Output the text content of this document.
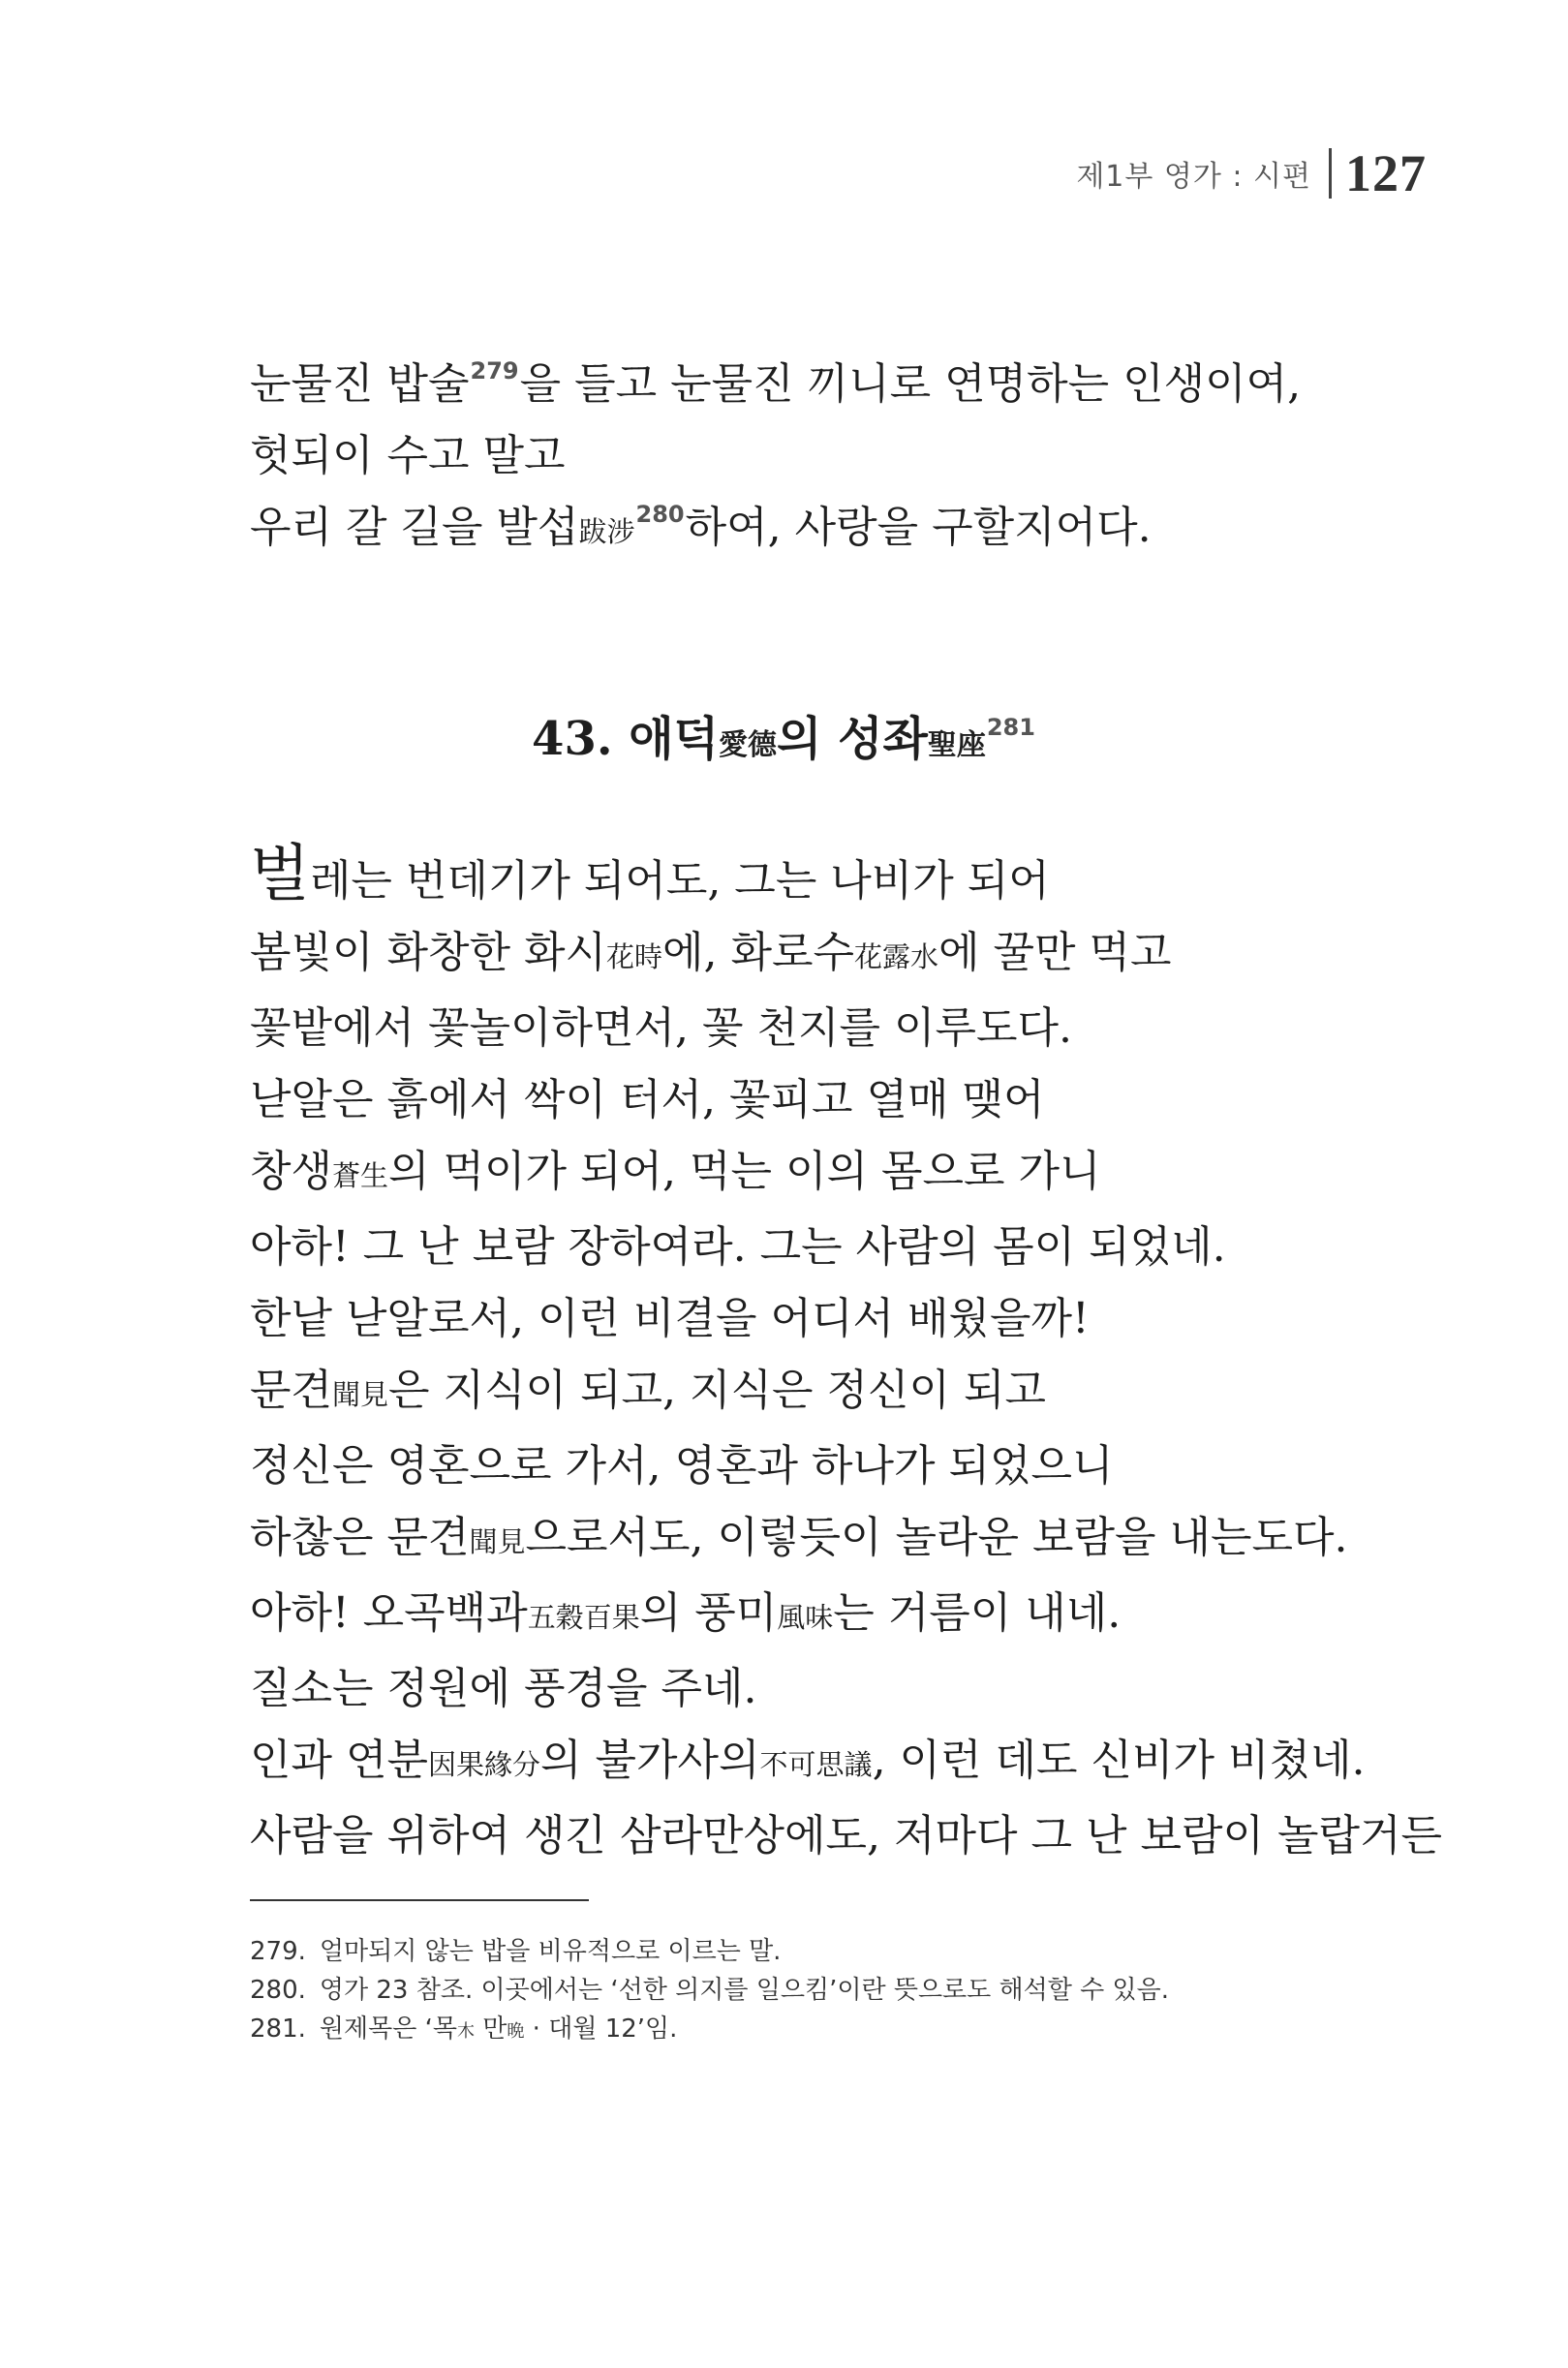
제1부 영가 : 시편 127
눈물진 밥술$^{279}$을 들고 눈물진 끼니로 연명하는 인생이여,
헛되이 수고 말고
우리 갈 길을 발섭跋涉$^{280}$하여, 사랑을 구할지어다.
43. 애덕愛德의 성좌聖座$^{281}$
벌레는 번데기가 되어도, 그는 나비가 되어
봄빛이 화창한 화시花時에, 화로수花露水에 꿀만 먹고
꽃밭에서 꽃놀이하면서, 꽃 천지를 이루도다.
낟알은 흙에서 싹이 터서, 꽃피고 열매 맺어
창생蒼生의 먹이가 되어, 먹는 이의 몸으로 가니
아하! 그 난 보람 장하여라. 그는 사람의 몸이 되었네.
한낱 낟알로서, 이런 비결을 어디서 배웠을까!
문견聞見은 지식이 되고, 지식은 정신이 되고
정신은 영혼으로 가서, 영혼과 하나가 되었으니
하찮은 문견聞見으로서도, 이렇듯이 놀라운 보람을 내는도다.
아하! 오곡백과五穀百果의 풍미風味는 거름이 내네.
질소는 정원에 풍경을 주네.
인과 연분因果緣分의 불가사의不可思議, 이런 데도 신비가 비쳤네.
사람을 위하여 생긴 삼라만상에도, 저마다 그 난 보람이 놀랍거든
279. 얼마되지 않는 밥을 비유적으로 이르는 말.
280. 영가 23 참조. 이곳에서는 ‘선한 의지를 일으킴’이란 뜻으로도 해석할 수 있음.
281. 원제목은 ‘목木 만晩 · 대월 12’임.
